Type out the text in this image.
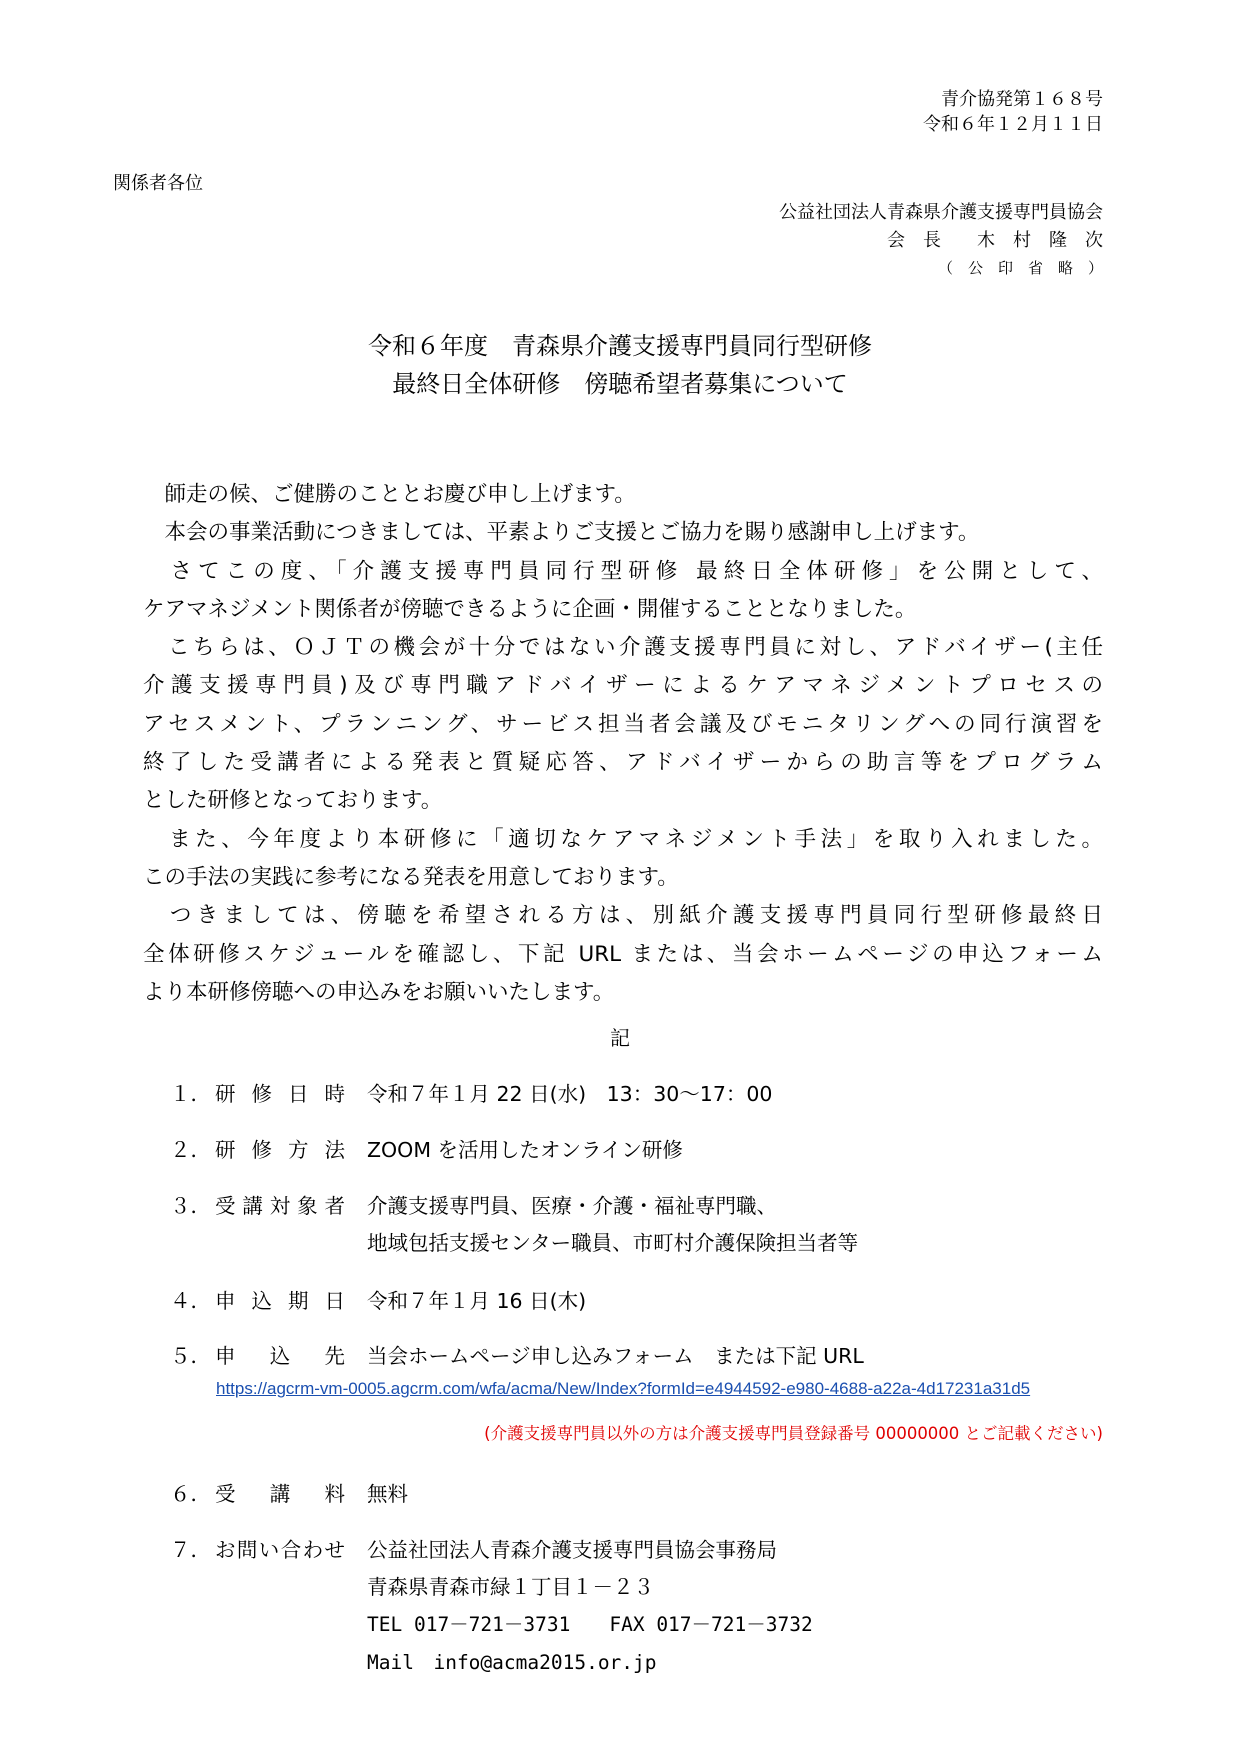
青介協発第１６８号
令和６年１２月１１日
関係者各位
公益社団法人青森県介護支援専門員協会
会　長　　木　村　隆　次
（　公　印　省　略　）
令和６年度　青森県介護支援専門員同行型研修
最終日全体研修　傍聴希望者募集について

　師走の候、ご健勝のこととお慶び申し上げます。

　本会の事業活動につきましては、平素よりご支援とご協力を賜り感謝申し上げます。

　さてこの度、「介護支援専門員同行型研修 最終日全体研修」を公開として、

ケアマネジメント関係者が傍聴できるように企画・開催することとなりました。

　こちらは、ＯＪＴの機会が十分ではない介護支援専門員に対し、アドバイザー(主任

介護支援専門員)及び専門職アドバイザーによるケアマネジメントプロセスの

アセスメント、プランニング、サービス担当者会議及びモニタリングへの同行演習を

終了した受講者による発表と質疑応答、アドバイザーからの助言等をプログラム

とした研修となっております。

　また、今年度より本研修に「適切なケアマネジメント手法」を取り入れました。

この手法の実践に参考になる発表を用意しております。

　つきましては、傍聴を希望される方は、別紙介護支援専門員同行型研修最終日

全体研修スケジュールを確認し、下記 URL または、当会ホームページの申込フォーム

より本研修傍聴への申込みをお願いいたします。

記
１． 研修日時 令和７年１月 22 日(水)　13：30〜17：00
２． 研修方法 ZOOM を活用したオンライン研修
３． 受講対象者 介護支援専門員、医療・介護・福祉専門職、
地域包括支援センター職員、市町村介護保険担当者等
４． 申込期日 令和７年１月 16 日(木)
５． 申込先 当会ホームページ申し込みフォーム　または下記 URL
https://agcrm-vm-0005.agcrm.com/wfa/acma/New/Index?formId=e4944592-e980-4688-a22a-4d17231a31d5
(介護支援専門員以外の方は介護支援専門員登録番号 00000000 とご記載ください)
６． 受講料 無料
７． お問い合わせ 公益社団法人青森介護支援専門員協会事務局
青森県青森市緑１丁目１－２３
TEL 017－721－3731　　FAX 017－721－3732
Mail　info@acma2015.or.jp
